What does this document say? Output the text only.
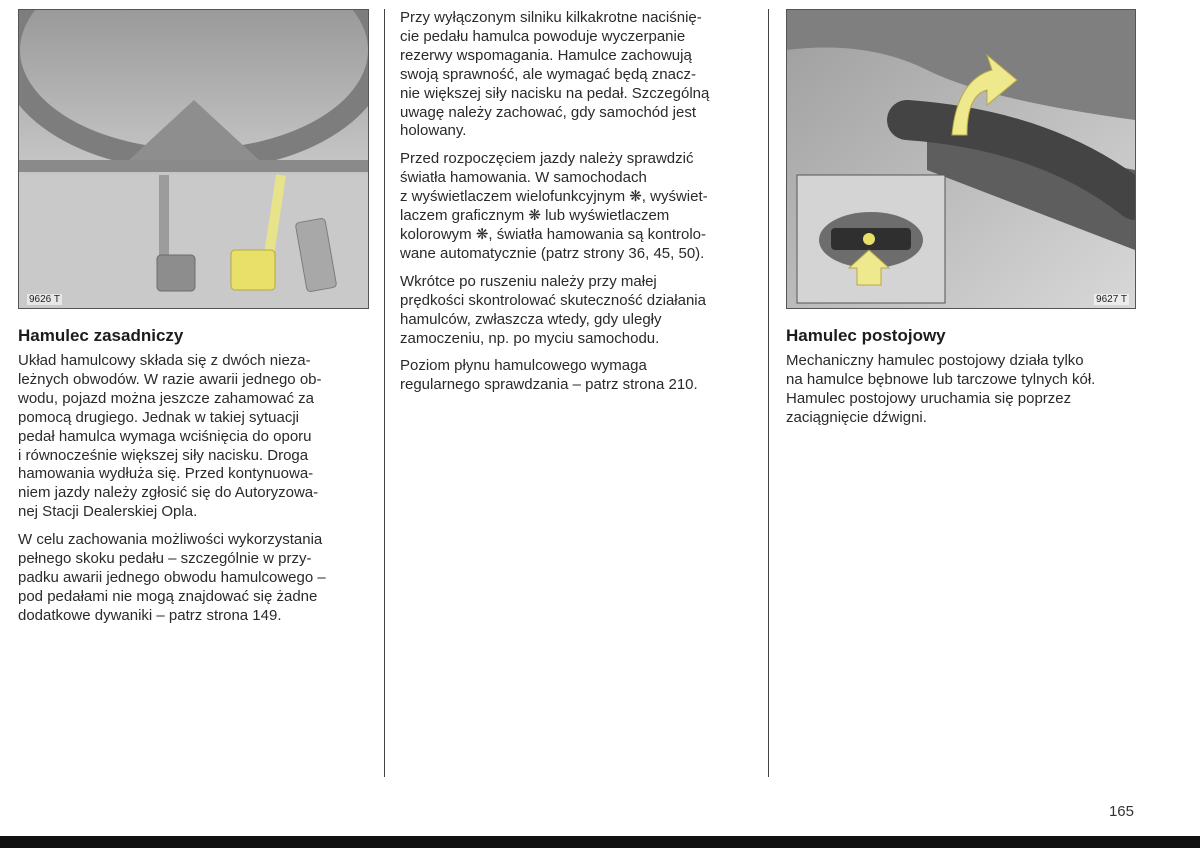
9626 T	9627 T
Hamulec zasadniczy

Układ hamulcowy składa się z dwóch nieza-
leżnych obwodów. W razie awarii jednego ob-
wodu, pojazd można jeszcze zahamować za
pomocą drugiego. Jednak w takiej sytuacji
pedał hamulca wymaga wciśnięcia do oporu
i równocześnie większej siły nacisku. Droga
hamowania wydłuża się. Przed kontynuowa-
niem jazdy należy zgłosić się do Autoryzowa-
nej Stacji Dealerskiej Opla.

W celu zachowania możliwości wykorzystania
pełnego skoku pedału – szczególnie w przy-
padku awarii jednego obwodu hamulcowego –
pod pedałami nie mogą znajdować się żadne
dodatkowe dywaniki – patrz strona 149.

Przy wyłączonym silniku kilkakrotne naciśnię-
cie pedału hamulca powoduje wyczerpanie
rezerwy wspomagania. Hamulce zachowują
swoją sprawność, ale wymagać będą znacz-
nie większej siły nacisku na pedał. Szczególną
uwagę należy zachować, gdy samochód jest
holowany.

Przed rozpoczęciem jazdy należy sprawdzić
światła hamowania. W samochodach
z wyświetlaczem wielofunkcyjnym ❋, wyświet-
laczem graficznym ❋ lub wyświetlaczem
kolorowym ❋, światła hamowania są kontrolo-
wane automatycznie (patrz strony 36, 45, 50).

Wkrótce po ruszeniu należy przy małej
prędkości skontrolować skuteczność działania
hamulców, zwłaszcza wtedy, gdy uległy
zamoczeniu, np. po myciu samochodu.

Poziom płynu hamulcowego wymaga
regularnego sprawdzania – patrz strona 210.

Hamulec postojowy

Mechaniczny hamulec postojowy działa tylko
na hamulce bębnowe lub tarczowe tylnych kół.
Hamulec postojowy uruchamia się poprzez
zaciągnięcie dźwigni.

165
